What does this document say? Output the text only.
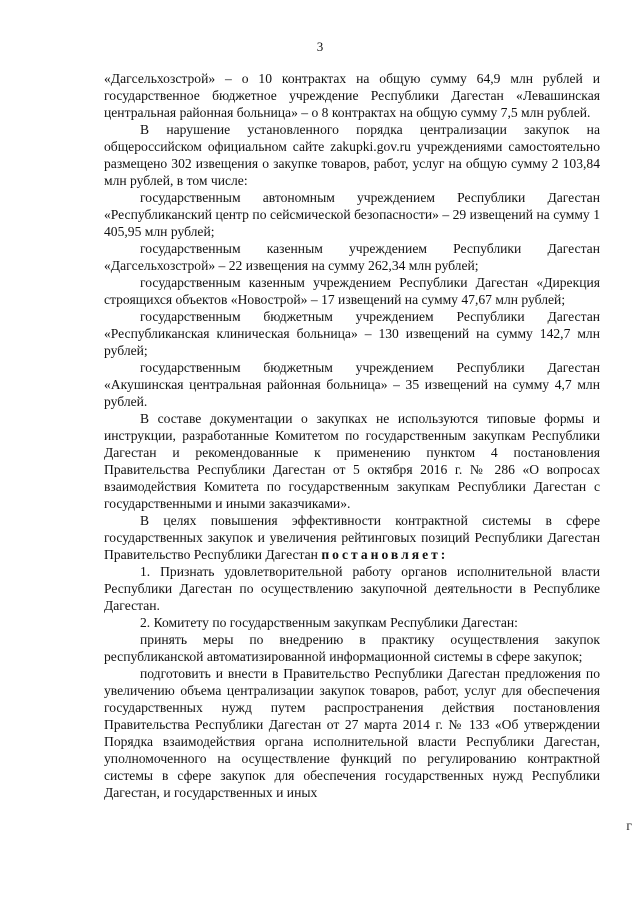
3

«Дагсельхозстрой» – о 10 контрактах на общую сумму 64,9 млн рублей и государственное бюджетное учреждение Республики Дагестан «Левашинская центральная районная больница» – о 8 контрактах на общую сумму 7,5 млн рублей.

В нарушение установленного порядка централизации закупок на общероссийском официальном сайте zakupki.gov.ru учреждениями самостоятельно размещено 302 извещения о закупке товаров, работ, услуг на общую сумму 2 103,84 млн рублей, в том числе:

государственным автономным учреждением Республики Дагестан «Республиканский центр по сейсмической безопасности» – 29 извещений на сумму 1 405,95 млн рублей;

государственным казенным учреждением Республики Дагестан «Дагсельхозстрой» – 22 извещения на сумму 262,34 млн рублей;

государственным казенным учреждением Республики Дагестан «Дирекция строящихся объектов «Новострой» – 17 извещений на сумму 47,67 млн рублей;

государственным бюджетным учреждением Республики Дагестан «Республиканская клиническая больница» – 130 извещений на сумму 142,7 млн рублей;

государственным бюджетным учреждением Республики Дагестан «Акушинская центральная районная больница» – 35 извещений на сумму 4,7 млн рублей.

В составе документации о закупках не используются типовые формы и инструкции, разработанные Комитетом по государственным закупкам Республики Дагестан и рекомендованные к применению пунктом 4 постановления Правительства Республики Дагестан от 5 октября 2016 г. № 286 «О вопросах взаимодействия Комитета по государственным закупкам Республики Дагестан с государственными и иными заказчиками».

В целях повышения эффективности контрактной системы в сфере государственных закупок и увеличения рейтинговых позиций Республики Дагестан Правительство Республики Дагестан постановляет:

1. Признать удовлетворительной работу органов исполнительной власти Республики Дагестан по осуществлению закупочной деятельности в Республике Дагестан.

2. Комитету по государственным закупкам Республики Дагестан:

принять меры по внедрению в практику осуществления закупок республиканской автоматизированной информационной системы в сфере закупок;

подготовить и внести в Правительство Республики Дагестан предложения по увеличению объема централизации закупок товаров, работ, услуг для обеспечения государственных нужд путем распространения действия постановления Правительства Республики Дагестан от 27 марта 2014 г. № 133 «Об утверждении Порядка взаимодействия органа исполнительной власти Республики Дагестан, уполномоченного на осуществление функций по регулированию контрактной системы в сфере закупок для обеспечения государственных нужд Республики Дагестан, и государственных и иных

г
